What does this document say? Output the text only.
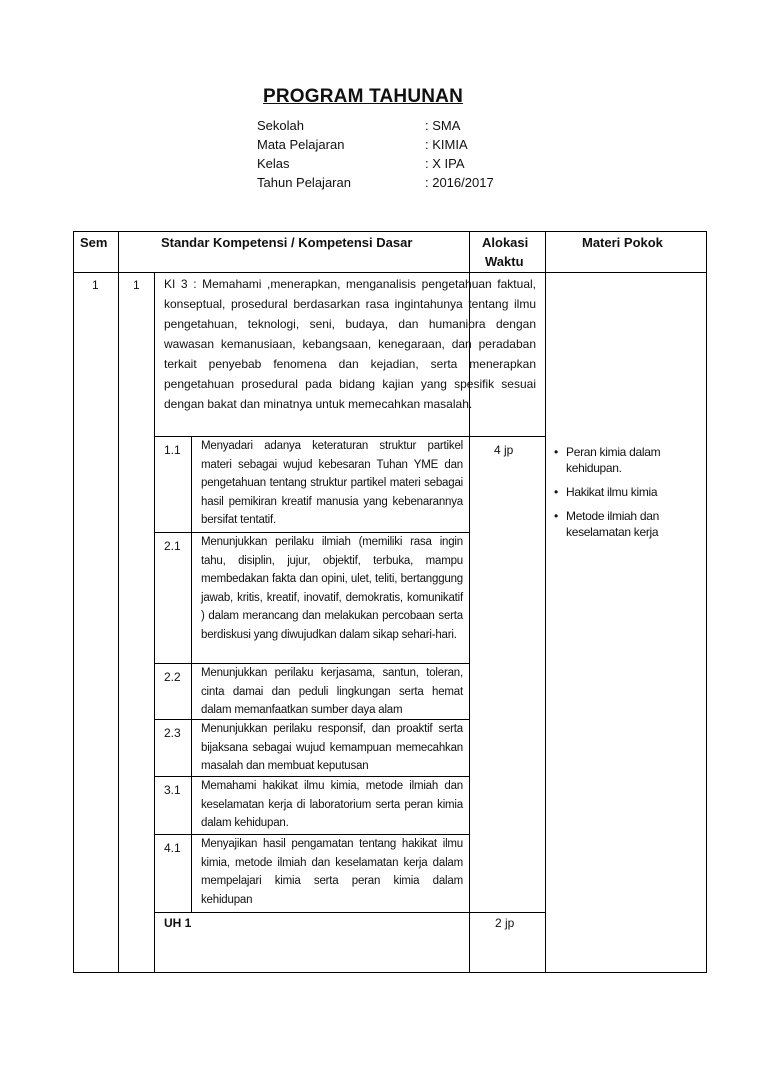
PROGRAM TAHUNAN
Sekolah	: SMA
Mata Pelajaran	: KIMIA
Kelas	: X IPA
Tahun Pelajaran	: 2016/2017
Sem	Standar Kompetensi / Kompetensi Dasar	Alokasi
Waktu
Materi Pokok
1	1 KI 3 : Memahami ,menerapkan, menganalisis pengetahuan faktual, konseptual, prosedural berdasarkan rasa ingintahunya tentang ilmu pengetahuan, teknologi, seni, budaya, dan humaniora dengan wawasan kemanusiaan, kebangsaan, kenegaraan, dan peradaban terkait penyebab fenomena dan kejadian, serta menerapkan pengetahuan prosedural pada bidang kajian yang spesifik sesuai dengan bakat dan minatnya untuk memecahkan masalah.
1.1	Menyadari adanya keteraturan struktur partikel materi sebagai wujud kebesaran Tuhan YME dan pengetahuan tentang struktur partikel materi sebagai hasil pemikiran kreatif manusia yang kebenarannya bersifat tentatif.
2.1	Menunjukkan perilaku ilmiah (memiliki rasa ingin tahu, disiplin, jujur, objektif, terbuka, mampu membedakan fakta dan opini, ulet, teliti, bertanggung jawab, kritis, kreatif, inovatif, demokratis, komunikatif ) dalam merancang dan melakukan percobaan serta berdiskusi yang diwujudkan dalam sikap sehari-hari.
2.2	Menunjukkan perilaku kerjasama, santun, toleran, cinta damai dan peduli lingkungan serta hemat dalam memanfaatkan sumber daya alam
2.3	Menunjukkan perilaku responsif, dan proaktif serta bijaksana sebagai wujud kemampuan memecahkan masalah dan membuat keputusan
3.1	Memahami hakikat ilmu kimia, metode ilmiah dan keselamatan kerja di laboratorium serta peran kimia dalam kehidupan.
4.1	Menyajikan hasil pengamatan tentang hakikat ilmu kimia, metode ilmiah dan keselamatan kerja dalam mempelajari kimia serta peran kimia dalam kehidupan
4 jp
•	Peran kimia dalam kehidupan.
• Hakikat ilmu kimia
• Metode ilmiah dan keselamatan kerja
UH 1	2 jp
